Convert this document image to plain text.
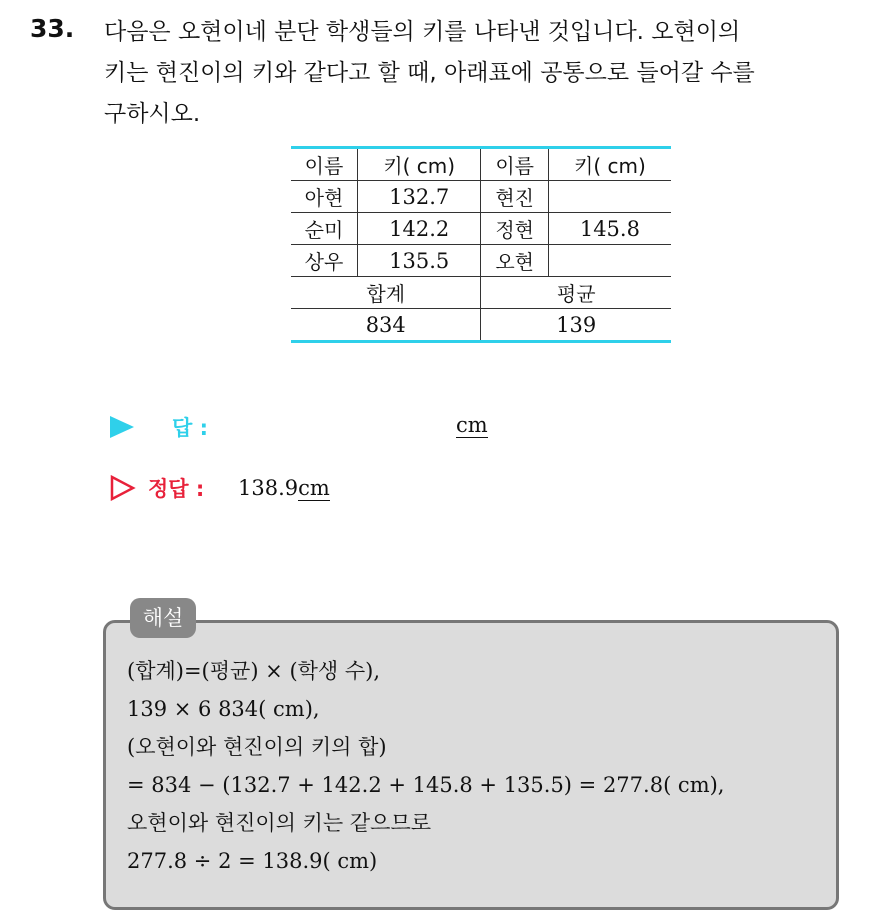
33. 다음은 오현이네 분단 학생들의 키를 나타낸 것입니다. 오현이의
키는 현진이의 키와 같다고 할 때, 아래표에 공통으로 들어갈 수를
구하시오.
이름	키( cm)	이름	키( cm)
아현	132.7	현진	
순미	142.2	정현	145.8
상우	135.5	오현	
합계		평균	
834		139	
답 :	cm
정답 : 138.9cm
해설
(합계)=(평균) × (학생 수),
139 × 6 834( cm),
(오현이와 현진이의 키의 합)
= 834 − (132.7 + 142.2 + 145.8 + 135.5) = 277.8( cm),
오현이와 현진이의 키는 같으므로
277.8 ÷ 2 = 138.9( cm)
